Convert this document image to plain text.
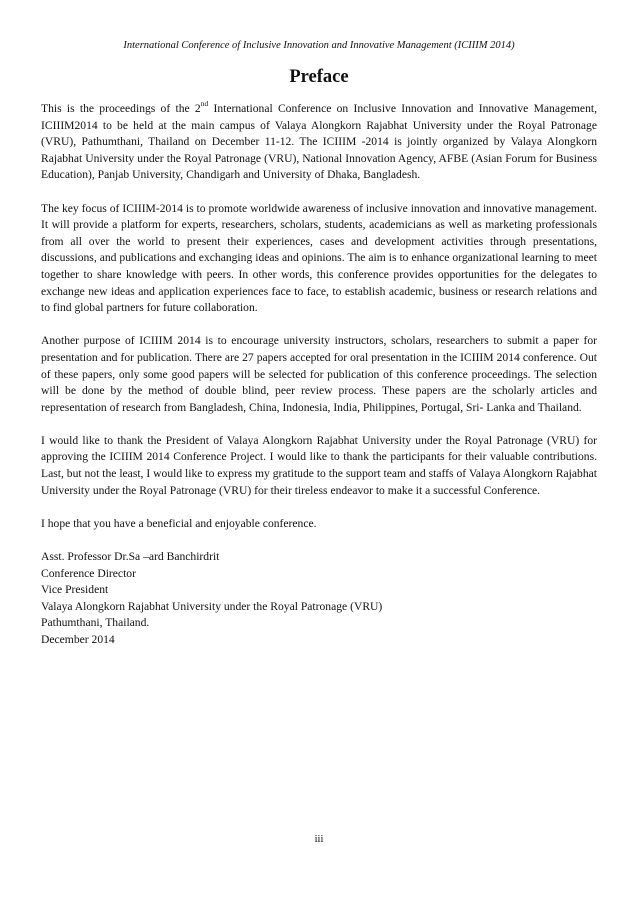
International Conference of Inclusive Innovation and Innovative Management (ICIIIM 2014)
Preface

This is the proceedings of the 2nd International Conference on Inclusive Innovation and Innovative Management, ICIIIM2014 to be held at the main campus of Valaya Alongkorn Rajabhat University under the Royal Patronage (VRU), Pathumthani, Thailand on December 11-12. The ICIIIM -2014 is jointly organized by Valaya Alongkorn Rajabhat University under the Royal Patronage (VRU), National Innovation Agency, AFBE (Asian Forum for Business Education), Panjab University, Chandigarh and University of Dhaka, Bangladesh.

The key focus of ICIIIM-2014 is to promote worldwide awareness of inclusive innovation and innovative management. It will provide a platform for experts, researchers, scholars, students, academicians as well as marketing professionals from all over the world to present their experiences, cases and development activities through presentations, discussions, and publications and exchanging ideas and opinions. The aim is to enhance organizational learning to meet together to share knowledge with peers. In other words, this conference provides opportunities for the delegates to exchange new ideas and application experiences face to face, to establish academic, business or research relations and to find global partners for future collaboration.

Another purpose of ICIIIM 2014 is to encourage university instructors, scholars, researchers to submit a paper for presentation and for publication. There are 27 papers accepted for oral presentation in the ICIIIM 2014 conference. Out of these papers, only some good papers will be selected for publication of this conference proceedings. The selection will be done by the method of double blind, peer review process. These papers are the scholarly articles and representation of research from Bangladesh, China, Indonesia, India, Philippines, Portugal, Sri- Lanka and Thailand.

I would like to thank the President of Valaya Alongkorn Rajabhat University under the Royal Patronage (VRU) for approving the ICIIIM 2014 Conference Project. I would like to thank the participants for their valuable contributions. Last, but not the least, I would like to express my gratitude to the support team and staffs of Valaya Alongkorn Rajabhat University under the Royal Patronage (VRU) for their tireless endeavor to make it a successful Conference.

I hope that you have a beneficial and enjoyable conference.

Asst. Professor Dr.Sa –ard Banchirdrit
Conference Director
Vice President
Valaya Alongkorn Rajabhat University under the Royal Patronage (VRU)
Pathumthani, Thailand.
December 2014
iii
